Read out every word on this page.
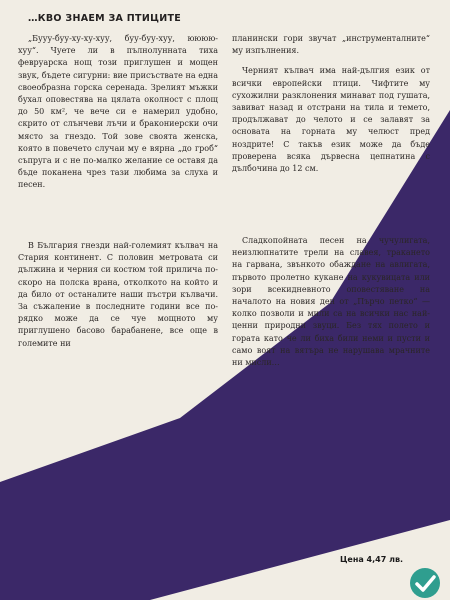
…КВО ЗНАЕМ ЗА ПТИЦИТЕ

„Бууу-буу-ху-ху-хуу, буу-буу-хуу, юююю-хуу“. Чуете ли в пълнолунната тиха февруарска нощ този приглушен и мощен звук, бъдете сигурни: вие присъствате на една своеобразна горска серенада. Зрелият мъжки бухал оповестява на цялата околност с площ до 50 км², че вече си е намерил удобно, скрито от слънчеви лъчи и бракониерски очи място за гнездо. Той зове своята женска, която в повечето случаи му е вярна „до гроб“ съпруга и с не по-малко желание се оставя да бъде поканена чрез тази любима за слуха и песен.

В България гнезди най-големият кълвач на Стария континент. С половин метровата си дължина и черния си костюм той прилича по-скоро на полска врана, отколкото на който и да било от останалите наши пъстри кълвачи. За съжаление в последните години все по-рядко може да се чуе мощното му приглушено басово барабанене, все още в големите ни

планински гори звучат „инструменталните“ му изпълнения.

Черният кълвач има най-дългия език от всички европейски птици. Чифтите му сухожилни разклонения минават под гушата, завиват назад и отстрани на тила и темето, продължават до челото и се залавят за основата на горната му челюст пред ноздрите! С такъв език може да бъде проверена всяка дървесна цепнатина с дълбочина до 12 см.

Сладкопойната песен на чучулигата, неизлюпнатите трели на славея, тракането на гарвана, звънкото обаждане на авлигата, първото пролетно кукане на кукувицата или зори всекидневното оповестяване на началото на новия ден от „Пърчо петко“ — колко позволи и мили са на всички нас най-ценни природни звуци. Без тях полето и гората като че ли биха били неми и пусти и само воят на вятъра не нарушава мрачните ни мисли…

Цена 4,47 лв.
